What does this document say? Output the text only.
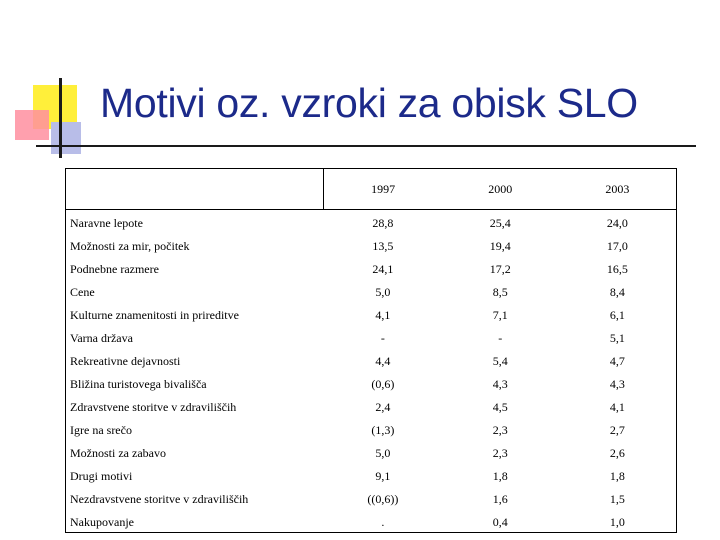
Motivi oz. vzroki za obisk SLO
	1997	2000	2003
Naravne lepote	28,8	25,4	24,0
Možnosti za mir, počitek	13,5	19,4	17,0
Podnebne razmere	24,1	17,2	16,5
Cene	5,0	8,5	8,4
Kulturne znamenitosti in prireditve	4,1	7,1	6,1
Varna država	-	-	5,1
Rekreativne dejavnosti	4,4	5,4	4,7
Bližina turistovega bivališča	(0,6)	4,3	4,3
Zdravstvene storitve v zdraviliščih	2,4	4,5	4,1
Igre na srečo	(1,3)	2,3	2,7
Možnosti za zabavo	5,0	2,3	2,6
Drugi motivi	9,1	1,8	1,8
Nezdravstvene storitve v zdraviliščih	((0,6))	1,6	1,5
Nakupovanje	.	0,4	1,0
